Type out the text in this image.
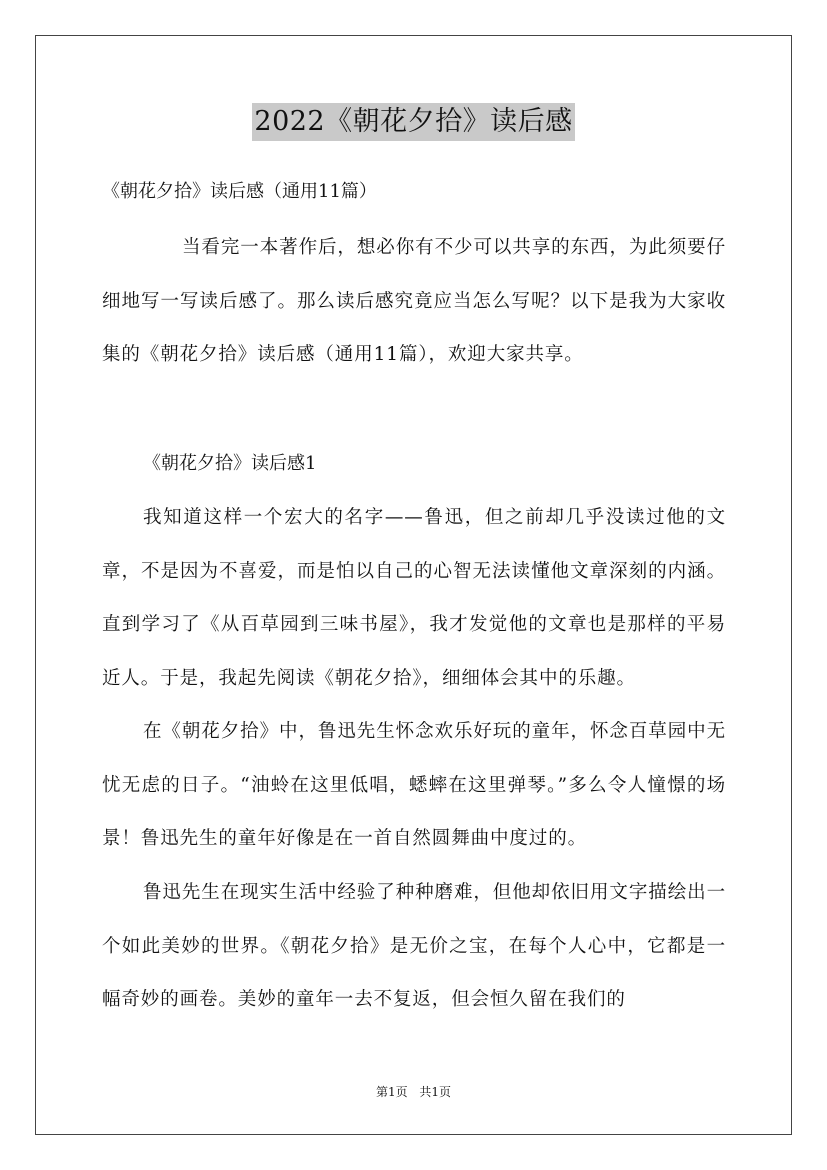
2022《朝花夕拾》读后感
《朝花夕拾》读后感（通用11篇）

当看完一本著作后，想必你有不少可以共享的东西，为此须要仔细地写一写读后感了。那么读后感究竟应当怎么写呢？以下是我为大家收集的《朝花夕拾》读后感（通用11篇），欢迎大家共享。

《朝花夕拾》读后感1

我知道这样一个宏大的名字——鲁迅，但之前却几乎没读过他的文章，不是因为不喜爱，而是怕以自己的心智无法读懂他文章深刻的内涵。直到学习了《从百草园到三味书屋》，我才发觉他的文章也是那样的平易近人。于是，我起先阅读《朝花夕拾》，细细体会其中的乐趣。

在《朝花夕拾》中，鲁迅先生怀念欢乐好玩的童年，怀念百草园中无忧无虑的日子。“油蛉在这里低唱，蟋蟀在这里弹琴。”多么令人憧憬的场景！鲁迅先生的童年好像是在一首自然圆舞曲中度过的。

鲁迅先生在现实生活中经验了种种磨难，但他却依旧用文字描绘出一个如此美妙的世界。《朝花夕拾》是无价之宝，在每个人心中，它都是一幅奇妙的画卷。美妙的童年一去不复返，但会恒久留在我们的

第1页 共1页
